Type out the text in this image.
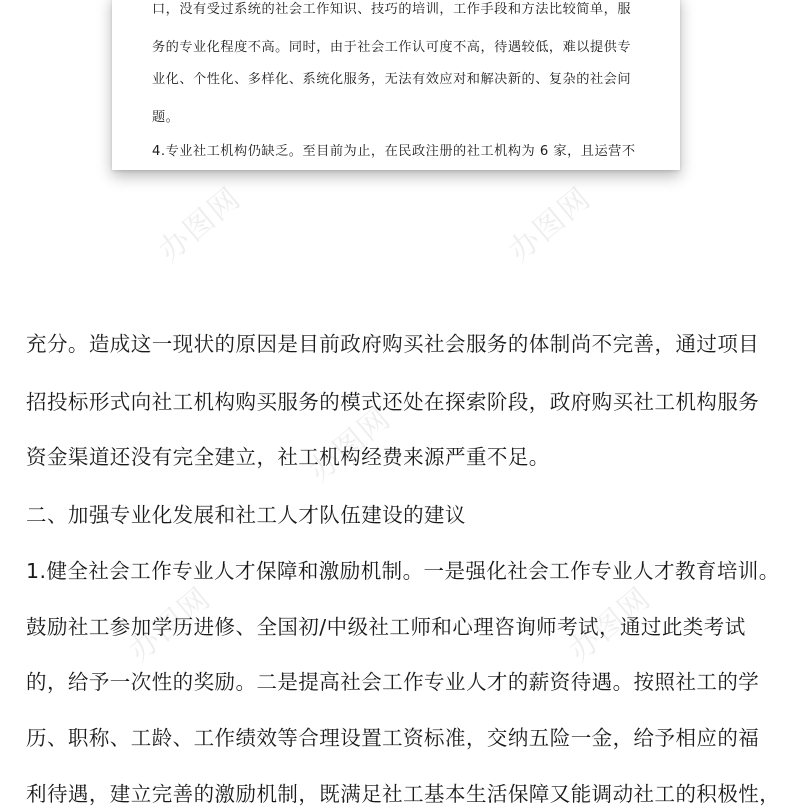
口，没有受过系统的社会工作知识、技巧的培训，工作手段和方法比较简单，服
务的专业化程度不高。同时，由于社会工作认可度不高，待遇较低，难以提供专
业化、个性化、多样化、系统化服务，无法有效应对和解决新的、复杂的社会问
题。
4.专业社工机构仍缺乏。至目前为止，在民政注册的社工机构为 6 家，且运营不
办图网	办图网
办图网
办图网	办图网
充分。造成这一现状的原因是目前政府购买社会服务的体制尚不完善，通过项目
招投标形式向社工机构购买服务的模式还处在探索阶段，政府购买社工机构服务
资金渠道还没有完全建立，社工机构经费来源严重不足。
二、加强专业化发展和社工人才队伍建设的建议
1.健全社会工作专业人才保障和激励机制。一是强化社会工作专业人才教育培训。
鼓励社工参加学历进修、全国初/中级社工师和心理咨询师考试，通过此类考试
的，给予一次性的奖励。二是提高社会工作专业人才的薪资待遇。按照社工的学
历、职称、工龄、工作绩效等合理设置工资标准，交纳五险一金，给予相应的福
利待遇，建立完善的激励机制，既满足社工基本生活保障又能调动社工的积极性，
